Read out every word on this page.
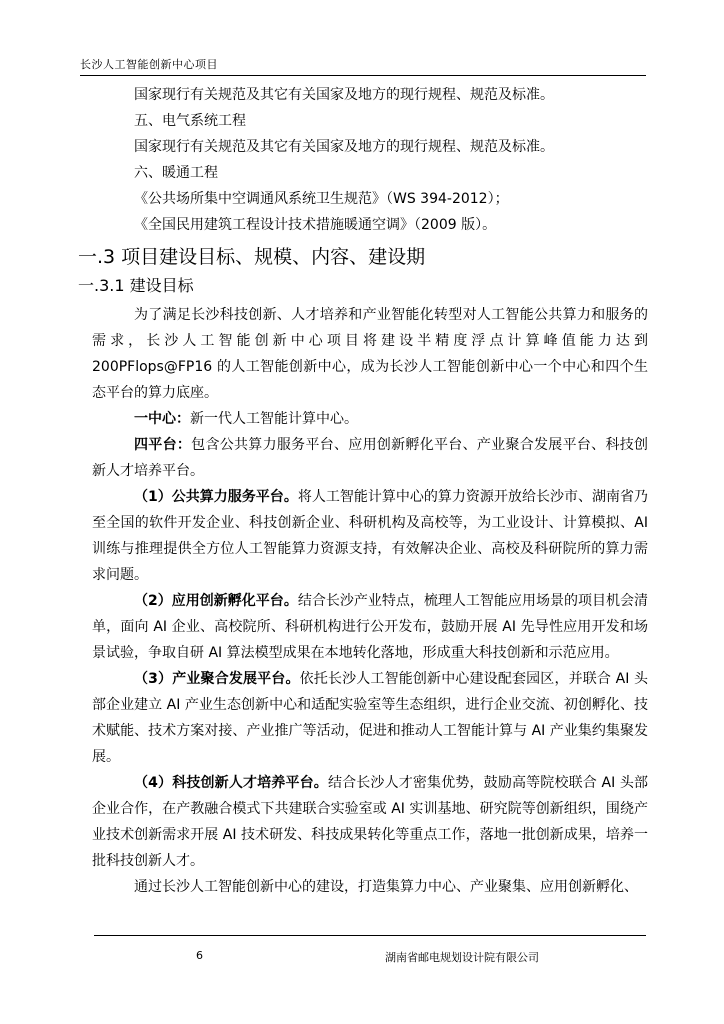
长沙人工智能创新中心项目

国家现行有关规范及其它有关国家及地方的现行规程、规范及标准。

五、电气系统工程

国家现行有关规范及其它有关国家及地方的现行规程、规范及标准。

六、暖通工程

《公共场所集中空调通风系统卫生规范》（WS 394-2012）；

《全国民用建筑工程设计技术措施暖通空调》（2009 版）。

一.3 项目建设目标、规模、内容、建设期
一.3.1 建设目标

为了满足长沙科技创新、人才培养和产业智能化转型对人工智能公共算力和服务的需求，长沙人工智能创新中心项目将建设半精度浮点计算峰值能力达到 200PFlops@FP16 的人工智能创新中心，成为长沙人工智能创新中心一个中心和四个生态平台的算力底座。

一中心：新一代人工智能计算中心。

四平台：包含公共算力服务平台、应用创新孵化平台、产业聚合发展平台、科技创新人才培养平台。

（1）公共算力服务平台。将人工智能计算中心的算力资源开放给长沙市、湖南省乃至全国的软件开发企业、科技创新企业、科研机构及高校等，为工业设计、计算模拟、AI 训练与推理提供全方位人工智能算力资源支持，有效解决企业、高校及科研院所的算力需求问题。

（2）应用创新孵化平台。结合长沙产业特点，梳理人工智能应用场景的项目机会清单，面向 AI 企业、高校院所、科研机构进行公开发布，鼓励开展 AI 先导性应用开发和场景试验，争取自研 AI 算法模型成果在本地转化落地，形成重大科技创新和示范应用。

（3）产业聚合发展平台。依托长沙人工智能创新中心建设配套园区，并联合 AI 头部企业建立 AI 产业生态创新中心和适配实验室等生态组织，进行企业交流、初创孵化、技术赋能、技术方案对接、产业推广等活动，促进和推动人工智能计算与 AI 产业集约集聚发展。

（4）科技创新人才培养平台。结合长沙人才密集优势，鼓励高等院校联合 AI 头部企业合作，在产教融合模式下共建联合实验室或 AI 实训基地、研究院等创新组织，围绕产业技术创新需求开展 AI 技术研发、科技成果转化等重点工作，落地一批创新成果，培养一批科技创新人才。

通过长沙人工智能创新中心的建设，打造集算力中心、产业聚集、应用创新孵化、

6	湖南省邮电规划设计院有限公司
